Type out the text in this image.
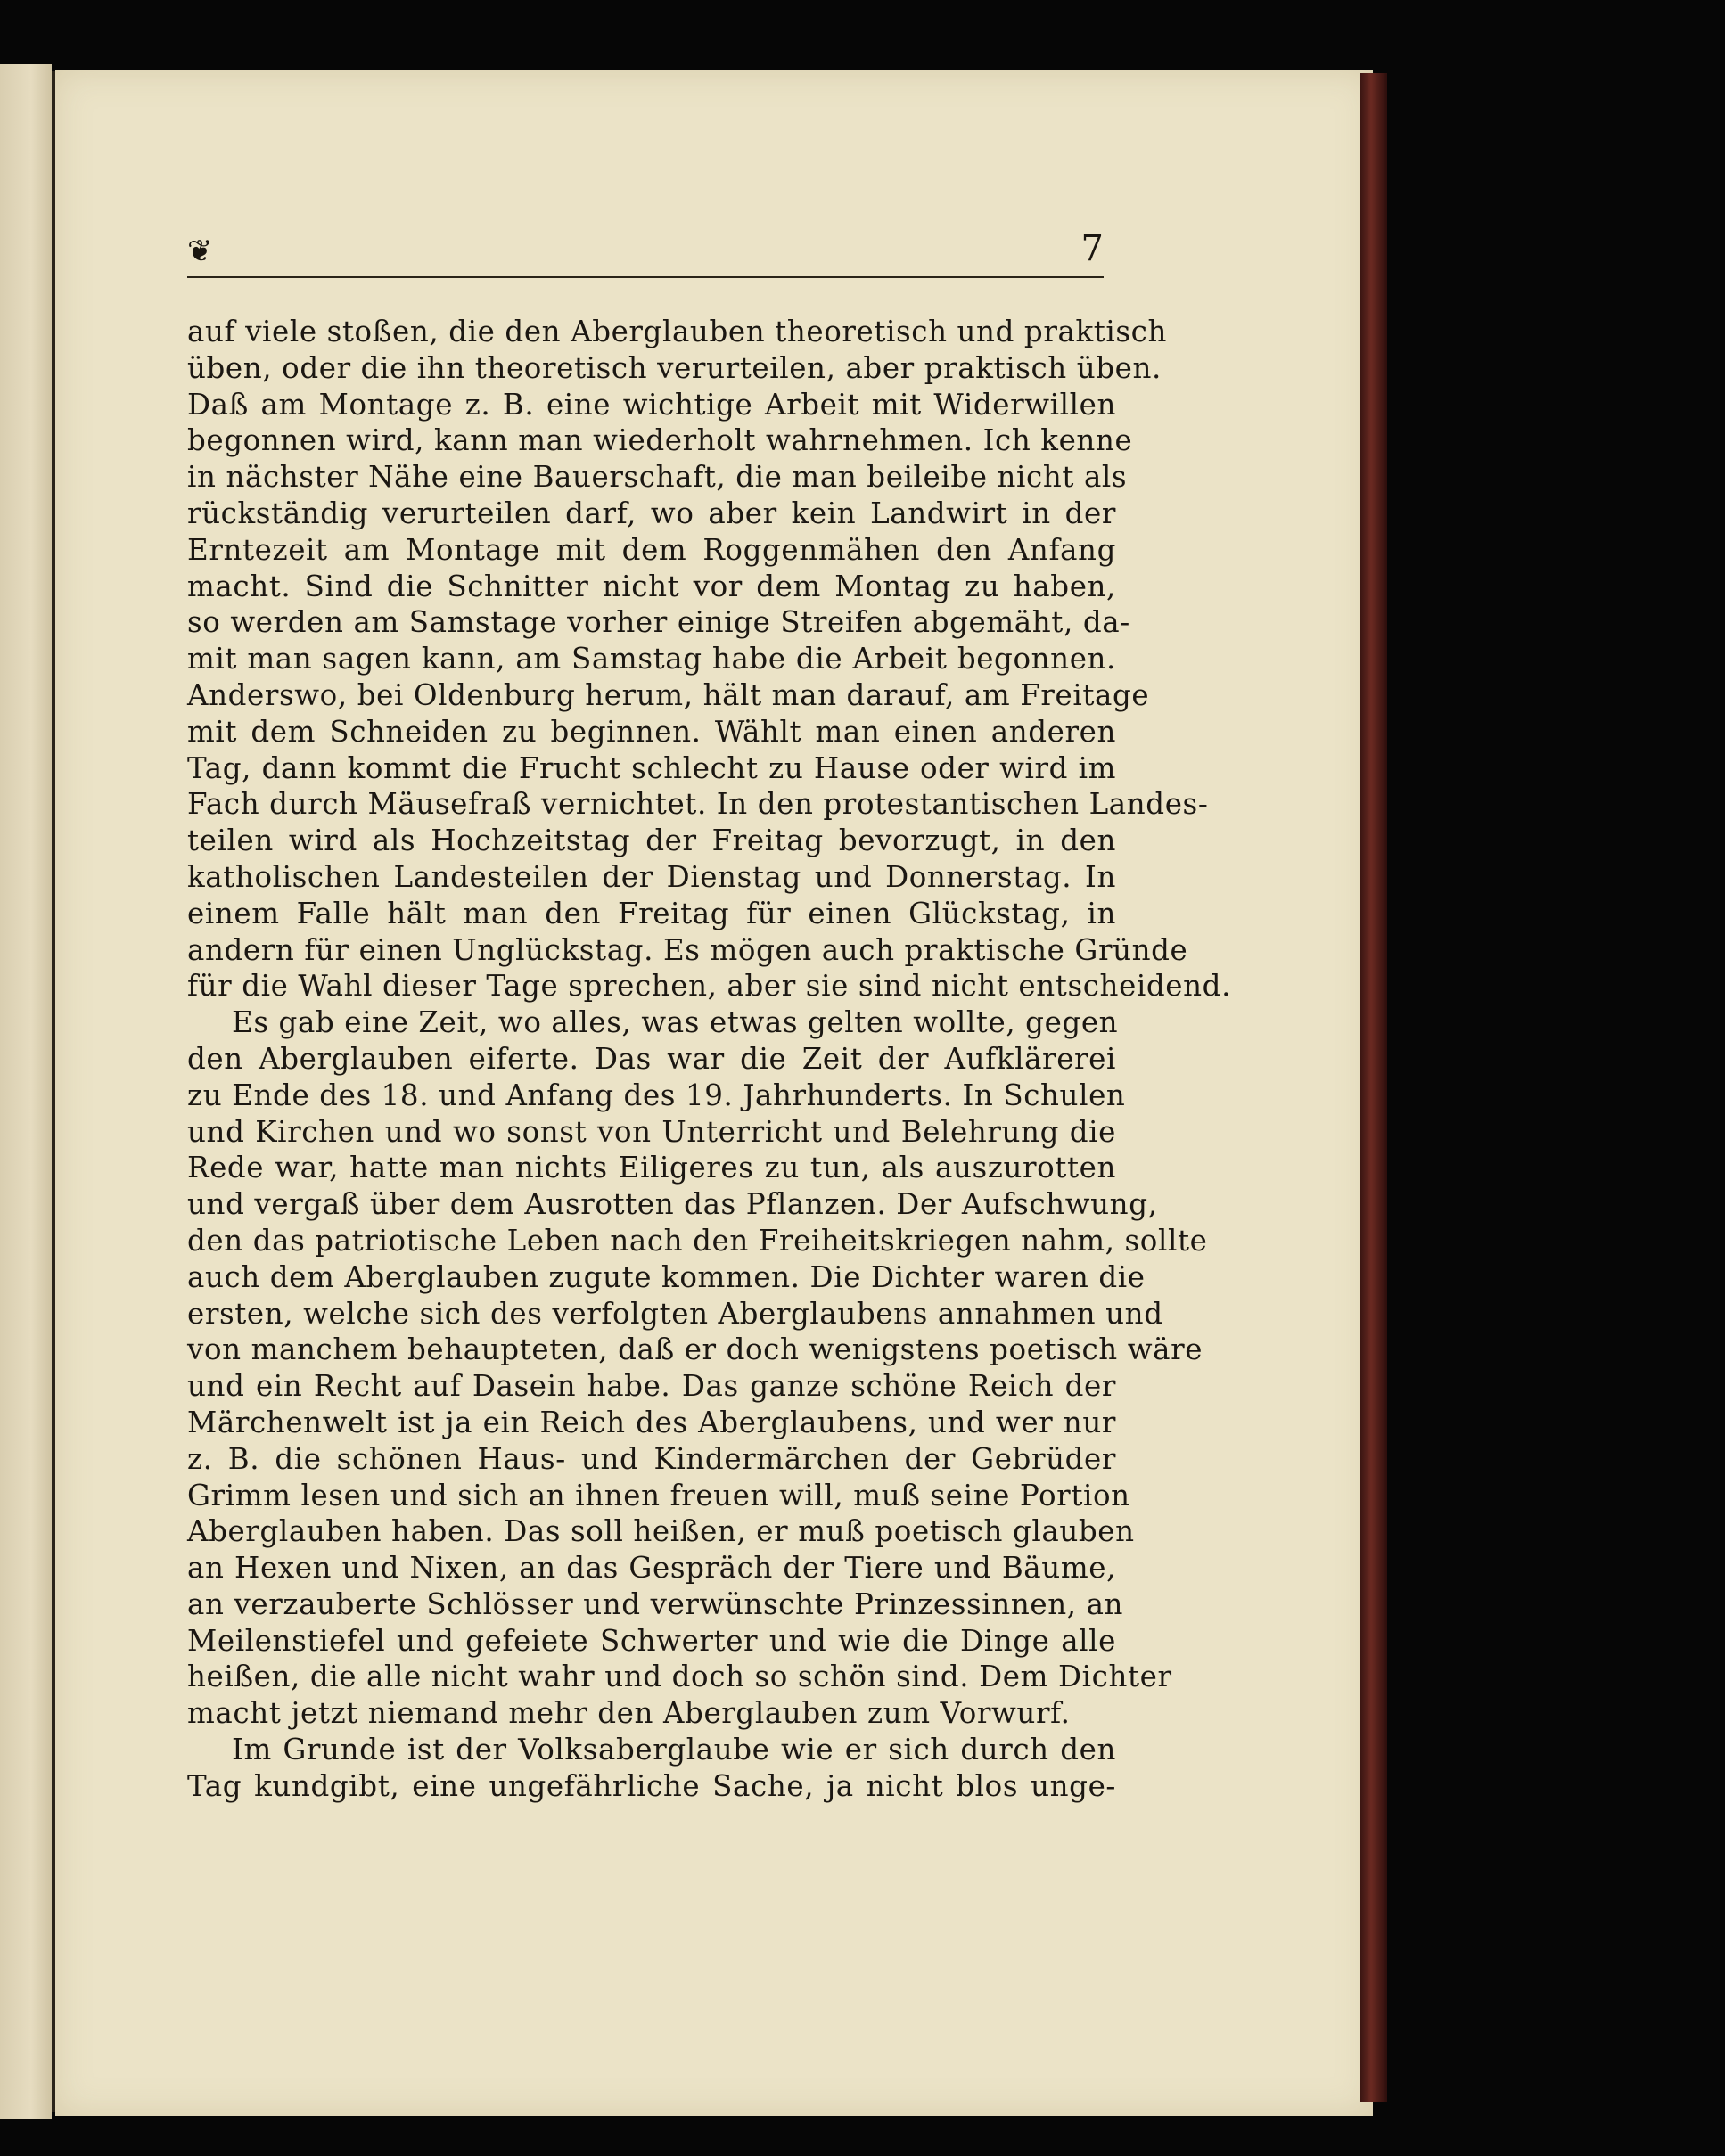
❦	7
auf viele stoßen, die den Aberglauben theoretisch und praktisch
üben, oder die ihn theoretisch verurteilen, aber praktisch üben.
Daß am Montage z. B. eine wichtige Arbeit mit Widerwillen
begonnen wird, kann man wiederholt wahrnehmen. Ich kenne
in nächster Nähe eine Bauerschaft, die man beileibe nicht als
rückständig verurteilen darf, wo aber kein Landwirt in der
Erntezeit am Montage mit dem Roggenmähen den Anfang
macht. Sind die Schnitter nicht vor dem Montag zu haben,
so werden am Samstage vorher einige Streifen abgemäht, da-
mit man sagen kann, am Samstag habe die Arbeit begonnen.
Anderswo, bei Oldenburg herum, hält man darauf, am Freitage
mit dem Schneiden zu beginnen. Wählt man einen anderen
Tag, dann kommt die Frucht schlecht zu Hause oder wird im
Fach durch Mäusefraß vernichtet. In den protestantischen Landes-
teilen wird als Hochzeitstag der Freitag bevorzugt, in den
katholischen Landesteilen der Dienstag und Donnerstag. In
einem Falle hält man den Freitag für einen Glückstag, in
andern für einen Unglückstag. Es mögen auch praktische Gründe
für die Wahl dieser Tage sprechen, aber sie sind nicht entscheidend.
Es gab eine Zeit, wo alles, was etwas gelten wollte, gegen
den Aberglauben eiferte. Das war die Zeit der Aufklärerei
zu Ende des 18. und Anfang des 19. Jahrhunderts. In Schulen
und Kirchen und wo sonst von Unterricht und Belehrung die
Rede war, hatte man nichts Eiligeres zu tun, als auszurotten
und vergaß über dem Ausrotten das Pflanzen. Der Aufschwung,
den das patriotische Leben nach den Freiheitskriegen nahm, sollte
auch dem Aberglauben zugute kommen. Die Dichter waren die
ersten, welche sich des verfolgten Aberglaubens annahmen und
von manchem behaupteten, daß er doch wenigstens poetisch wäre
und ein Recht auf Dasein habe. Das ganze schöne Reich der
Märchenwelt ist ja ein Reich des Aberglaubens, und wer nur
z. B. die schönen Haus- und Kindermärchen der Gebrüder
Grimm lesen und sich an ihnen freuen will, muß seine Portion
Aberglauben haben. Das soll heißen, er muß poetisch glauben
an Hexen und Nixen, an das Gespräch der Tiere und Bäume,
an verzauberte Schlösser und verwünschte Prinzessinnen, an
Meilenstiefel und gefeiete Schwerter und wie die Dinge alle
heißen, die alle nicht wahr und doch so schön sind. Dem Dichter
macht jetzt niemand mehr den Aberglauben zum Vorwurf.
Im Grunde ist der Volksaberglaube wie er sich durch den
Tag kundgibt, eine ungefährliche Sache, ja nicht blos unge-
